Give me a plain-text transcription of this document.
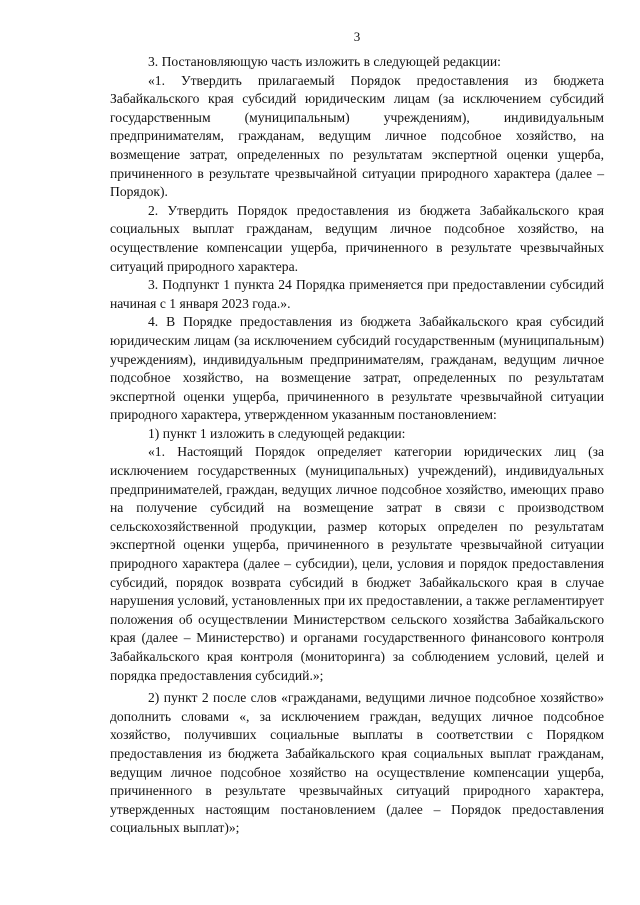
3

3. Постановляющую часть изложить в следующей редакции:

«1. Утвердить прилагаемый Порядок предоставления из бюджета Забайкальского края субсидий юридическим лицам (за исключением субсидий государственным (муниципальным) учреждениям), индивидуальным предпринимателям, гражданам, ведущим личное подсобное хозяйство, на возмещение затрат, определенных по результатам экспертной оценки ущерба, причиненного в результате чрезвычайной ситуации природного характера (далее – Порядок).

2. Утвердить Порядок предоставления из бюджета Забайкальского края социальных выплат гражданам, ведущим личное подсобное хозяйство, на осуществление компенсации ущерба, причиненного в результате чрезвычайных ситуаций природного характера.

3. Подпункт 1 пункта 24 Порядка применяется при предоставлении субсидий начиная с 1 января 2023 года.».

4. В Порядке предоставления из бюджета Забайкальского края субсидий юридическим лицам (за исключением субсидий государственным (муниципальным) учреждениям), индивидуальным предпринимателям, гражданам, ведущим личное подсобное хозяйство, на возмещение затрат, определенных по результатам экспертной оценки ущерба, причиненного в результате чрезвычайной ситуации природного характера, утвержденном указанным постановлением:

1) пункт 1 изложить в следующей редакции:

«1. Настоящий Порядок определяет категории юридических лиц (за исключением государственных (муниципальных) учреждений), индивидуальных предпринимателей, граждан, ведущих личное подсобное хозяйство, имеющих право на получение субсидий на возмещение затрат в связи с производством сельскохозяйственной продукции, размер которых определен по результатам экспертной оценки ущерба, причиненного в результате чрезвычайной ситуации природного характера (далее – субсидии), цели, условия и порядок предоставления субсидий, порядок возврата субсидий в бюджет Забайкальского края в случае нарушения условий, установленных при их предоставлении, а также регламентирует положения об осуществлении Министерством сельского хозяйства Забайкальского края (далее – Министерство) и органами государственного финансового контроля Забайкальского края контроля (мониторинга) за соблюдением условий, целей и порядка предоставления субсидий.»;

2) пункт 2 после слов «гражданами, ведущими личное подсобное хозяйство» дополнить словами «, за исключением граждан, ведущих личное подсобное хозяйство, получивших социальные выплаты в соответствии с Порядком предоставления из бюджета Забайкальского края социальных выплат гражданам, ведущим личное подсобное хозяйство на осуществление компенсации ущерба, причиненного в результате чрезвычайных ситуаций природного характера, утвержденных настоящим постановлением (далее – Порядок предоставления социальных выплат)»;
